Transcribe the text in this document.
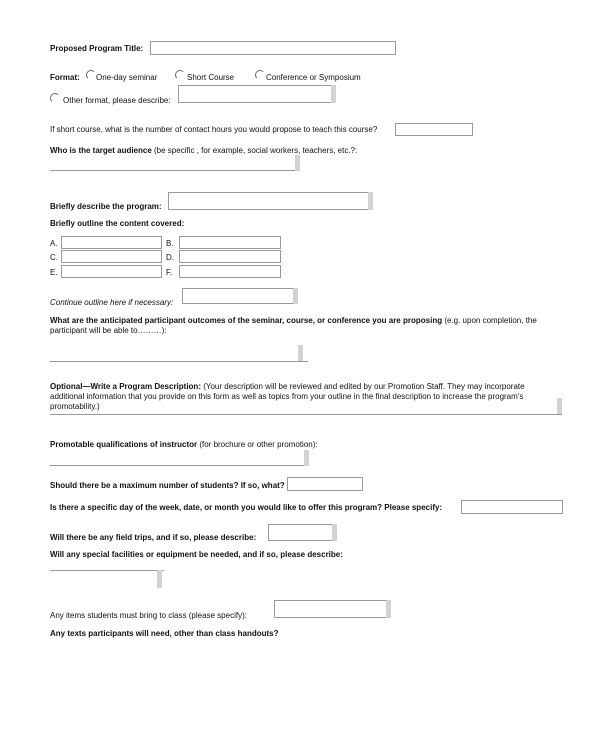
Proposed Program Title:
Format: One-day seminar	Short Course	Conference or Symposium
Other format, please describe:
If short course, what is the number of contact hours you would propose to teach this course?
Who is the target audience (be specific , for example, social workers, teachers, etc.?:
Briefly describe the program:
Briefly outline the content covered:
A.	B.
C.	D.
E.	F.
Continue outline here if necessary:
What are the anticipated participant outcomes of the seminar, course, or conference you are proposing (e.g. upon completion, the participant will be able to………):
Optional—Write a Program Description: (Your description will be reviewed and edited by our Promotion Staff. They may incorporate additional information that you provide on this form as well as topics from your outline in the final description to increase the program's promotability.)
Promotable qualifications of instructor (for brochure or other promotion):
Should there be a maximum number of students? If so, what?
Is there a specific day of the week, date, or month you would like to offer this program? Please specify:
Will there be any field trips, and if so, please describe:
Will any special facilities or equipment be needed, and if so, please describe:
Any items students must bring to class (please specify):
Any texts participants will need, other than class handouts?
